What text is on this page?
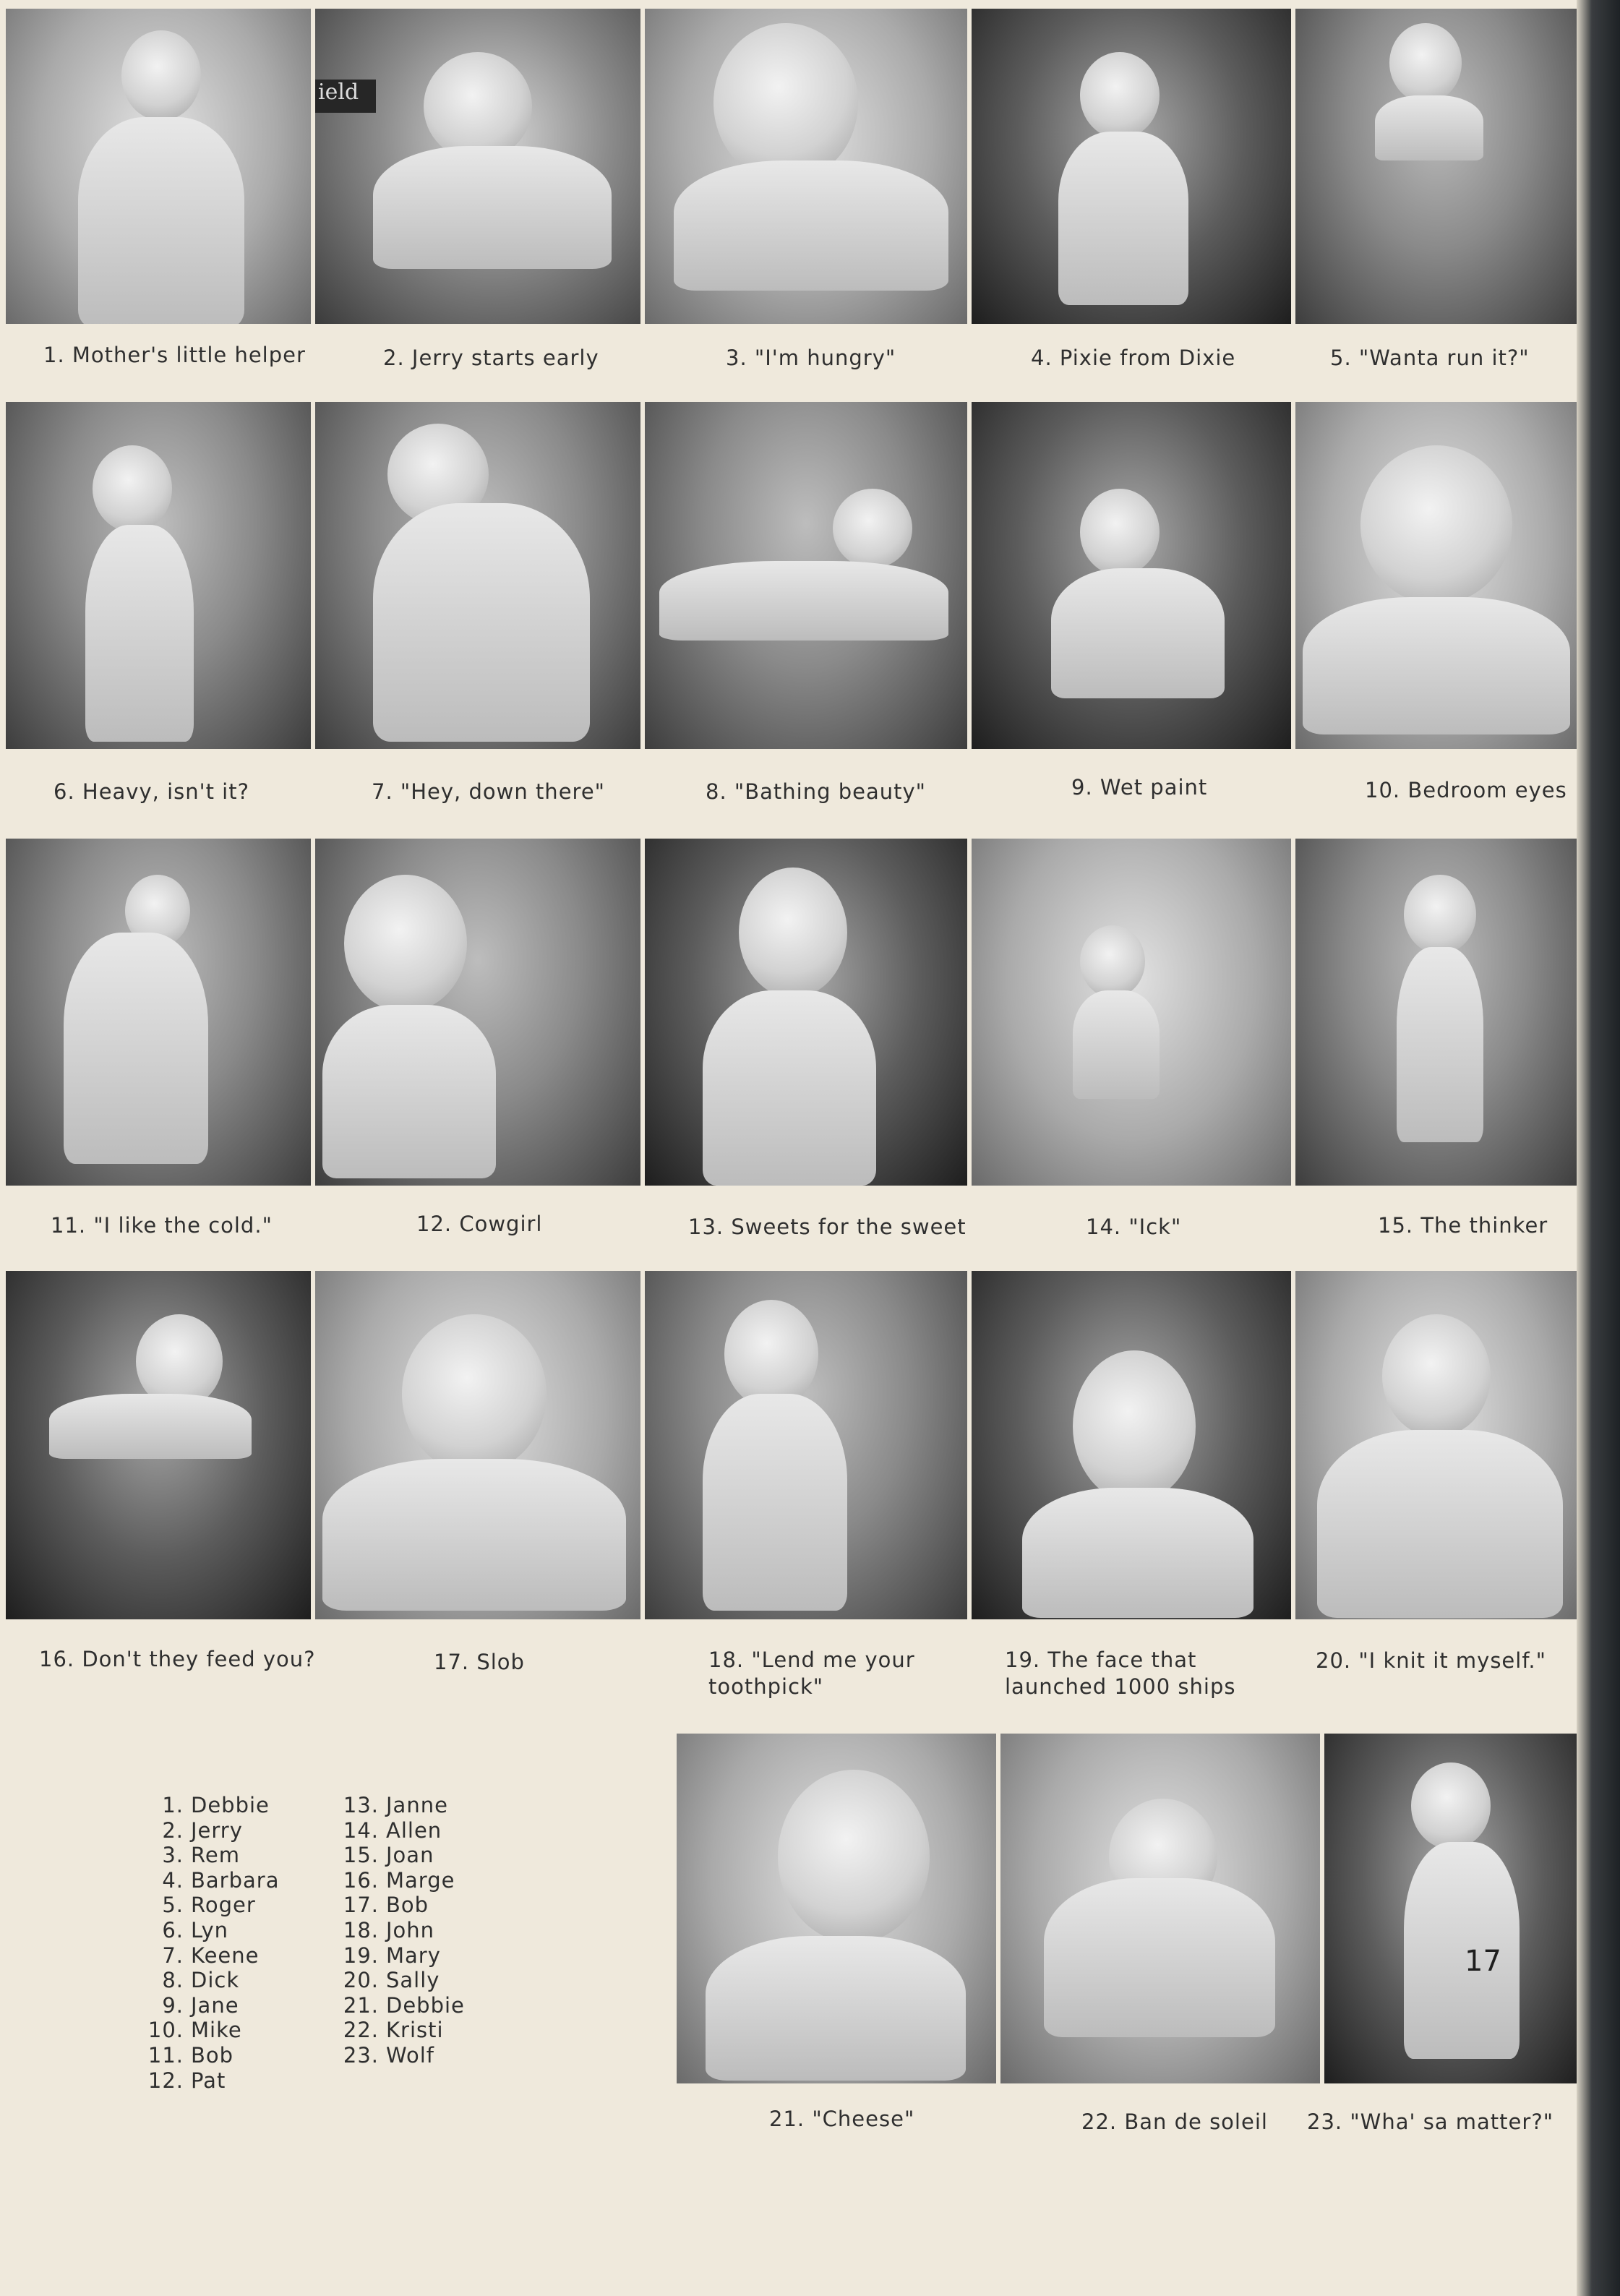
ield
1. Mother's little helper	2. Jerry starts early	3. "I'm hungry"	4. Pixie from Dixie	5. "Wanta run it?"
6. Heavy, isn't it?	7. "Hey, down there"	8. "Bathing beauty"	9. Wet paint	10. Bedroom eyes
11. "I like the cold."	12. Cowgirl	13. Sweets for the sweet	14. "Ick"	15. The thinker
16. Don't they feed you?	17. Slob	18. "Lend me your toothpick"
19. The face that launched 1000 ships
20. "I knit it myself."
1. Debbie
2. Jerry
3. Rem
4. Barbara
5. Roger
6. Lyn
7. Keene
8. Dick
9. Jane
10. Mike
11. Bob
12. Pat
13. Janne
14. Allen
15. Joan
16. Marge
17. Bob
18. John
19. Mary
20. Sally
21. Debbie
22. Kristi
23. Wolf
21. "Cheese"	22. Ban de soleil 23. "Wha' sa matter?"
17
